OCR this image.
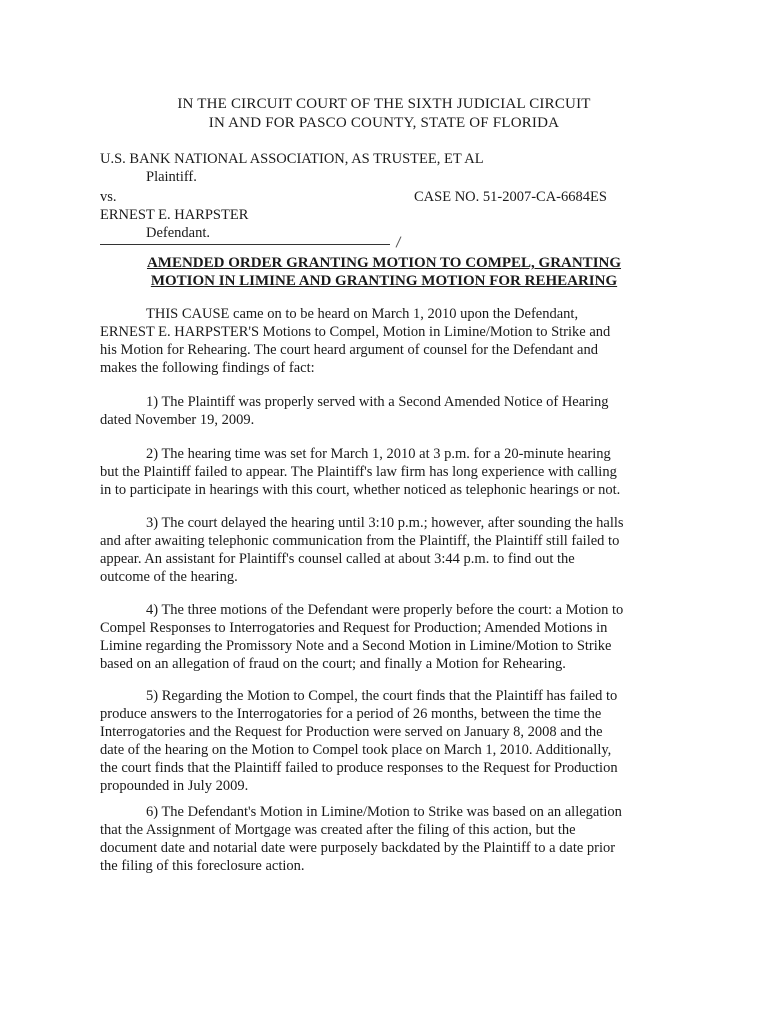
IN THE CIRCUIT COURT OF THE SIXTH JUDICIAL CIRCUIT
IN AND FOR PASCO COUNTY, STATE OF FLORIDA
U.S. BANK NATIONAL ASSOCIATION, AS TRUSTEE, ET AL
Plaintiff.
vs.	CASE NO. 51-2007-CA-6684ES
ERNEST E. HARPSTER
Defendant.
AMENDED ORDER GRANTING MOTION TO COMPEL, GRANTING
MOTION IN LIMINE AND GRANTING MOTION FOR REHEARING
THIS CAUSE came on to be heard on March 1, 2010 upon the Defendant,
ERNEST E. HARPSTER'S Motions to Compel, Motion in Limine/Motion to Strike and
his Motion for Rehearing. The court heard argument of counsel for the Defendant and
makes the following findings of fact:
1) The Plaintiff was properly served with a Second Amended Notice of Hearing
dated November 19, 2009.
2) The hearing time was set for March 1, 2010 at 3 p.m. for a 20-minute hearing
but the Plaintiff failed to appear. The Plaintiff's law firm has long experience with calling
in to participate in hearings with this court, whether noticed as telephonic hearings or not.
3) The court delayed the hearing until 3:10 p.m.; however, after sounding the halls
and after awaiting telephonic communication from the Plaintiff, the Plaintiff still failed to
appear. An assistant for Plaintiff's counsel called at about 3:44 p.m. to find out the
outcome of the hearing.
4) The three motions of the Defendant were properly before the court: a Motion to
Compel Responses to Interrogatories and Request for Production; Amended Motions in
Limine regarding the Promissory Note and a Second Motion in Limine/Motion to Strike
based on an allegation of fraud on the court; and finally a Motion for Rehearing.
5) Regarding the Motion to Compel, the court finds that the Plaintiff has failed to
produce answers to the Interrogatories for a period of 26 months, between the time the
Interrogatories and the Request for Production were served on January 8, 2008 and the
date of the hearing on the Motion to Compel took place on March 1, 2010. Additionally,
the court finds that the Plaintiff failed to produce responses to the Request for Production
propounded in July 2009.
6) The Defendant's Motion in Limine/Motion to Strike was based on an allegation
that the Assignment of Mortgage was created after the filing of this action, but the
document date and notarial date were purposely backdated by the Plaintiff to a date prior
the filing of this foreclosure action.
